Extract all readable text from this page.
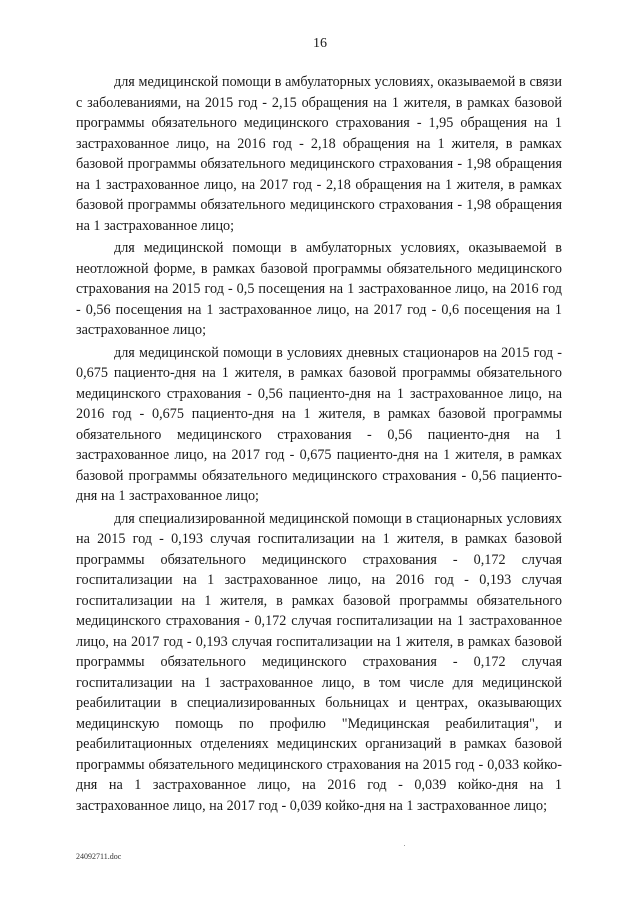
16

для медицинской помощи в амбулаторных условиях, оказываемой в связи с заболеваниями, на 2015 год - 2,15 обращения на 1 жителя, в рамках базовой программы обязательного медицинского страхования - 1,95 обращения на 1 застрахованное лицо, на 2016 год - 2,18 обращения на 1 жителя, в рамках базовой программы обязательного медицинского страхования - 1,98 обращения на 1 застрахованное лицо, на 2017 год - 2,18 обращения на 1 жителя, в рамках базовой программы обязательного медицинского страхования - 1,98 обращения на 1 застрахованное лицо;

для медицинской помощи в амбулаторных условиях, оказываемой в неотложной форме, в рамках базовой программы обязательного медицинского страхования на 2015 год - 0,5 посещения на 1 застрахованное лицо, на 2016 год - 0,56 посещения на 1 застрахованное лицо, на 2017 год - 0,6 посещения на 1 застрахованное лицо;

для медицинской помощи в условиях дневных стационаров на 2015 год - 0,675 пациенто-дня на 1 жителя, в рамках базовой программы обязательного медицинского страхования - 0,56 пациенто-дня на 1 застрахованное лицо, на 2016 год - 0,675 пациенто-дня на 1 жителя, в рамках базовой программы обязательного медицинского страхования - 0,56 пациенто-дня на 1 застрахованное лицо, на 2017 год - 0,675 пациенто-дня на 1 жителя, в рамках базовой программы обязательного медицинского страхования - 0,56 пациенто-дня на 1 застрахованное лицо;

для специализированной медицинской помощи в стационарных условиях на 2015 год - 0,193 случая госпитализации на 1 жителя, в рамках базовой программы обязательного медицинского страхования - 0,172 случая госпитализации на 1 застрахованное лицо, на 2016 год - 0,193 случая госпитализации на 1 жителя, в рамках базовой программы обязательного медицинского страхования - 0,172 случая госпитализации на 1 застрахованное лицо, на 2017 год - 0,193 случая госпитализации на 1 жителя, в рамках базовой программы обязательного медицинского страхования - 0,172 случая госпитализации на 1 застрахованное лицо, в том числе для медицинской реабилитации в специализированных больницах и центрах, оказывающих медицинскую помощь по профилю "Медицинская реабилитация", и реабилитационных отделениях медицинских организаций в рамках базовой программы обязательного медицинского страхования на 2015 год - 0,033 койко-дня на 1 застрахованное лицо, на 2016 год - 0,039 койко-дня на 1 застрахованное лицо, на 2017 год - 0,039 койко-дня на 1 застрахованное лицо;

24092711.doc
